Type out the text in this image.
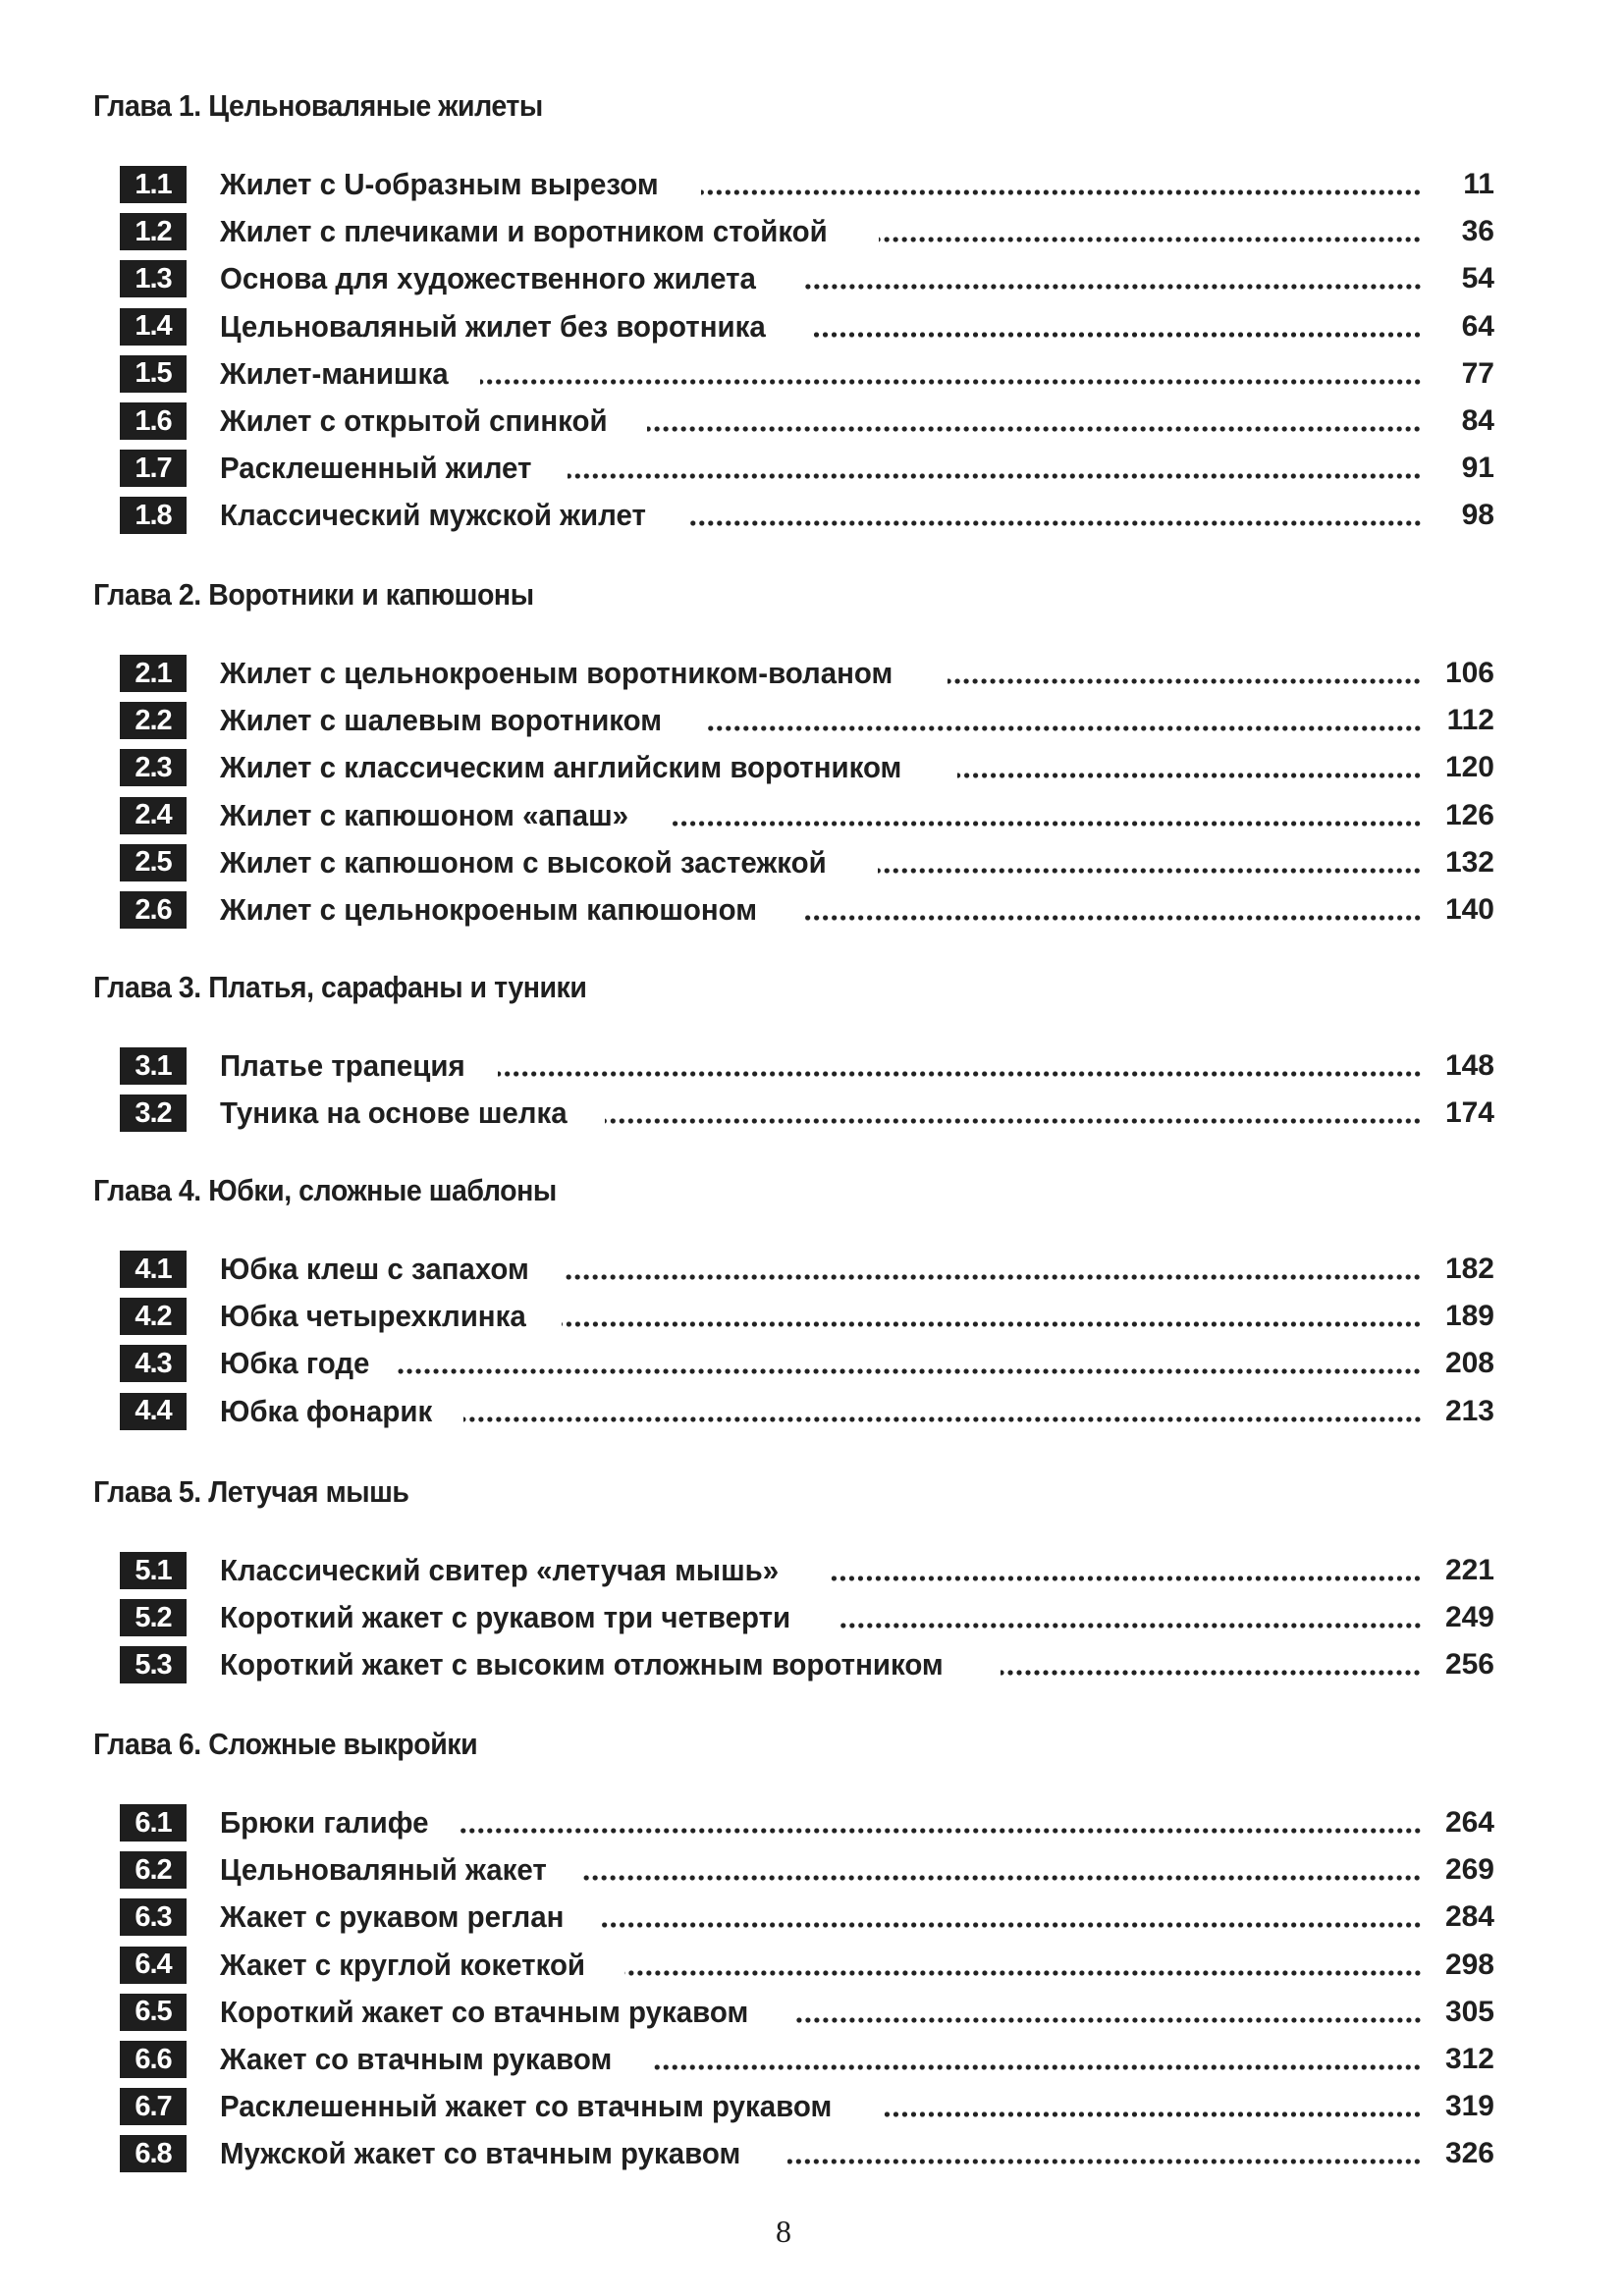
Глава 1. Цельноваляные жилеты
1.1	Жилет с U-образным вырезом	11
1.2	Жилет с плечиками и воротником стойкой	36
1.3	Основа для художественного жилета	54
1.4	Цельноваляный жилет без воротника	64
1.5	Жилет-манишка	77
1.6	Жилет с открытой спинкой	84
1.7	Расклешенный жилет	91
1.8	Классический мужской жилет	98
Глава 2. Воротники и капюшоны
2.1	Жилет с цельнокроеным воротником-воланом	106
2.2	Жилет с шалевым воротником	112
2.3	Жилет с классическим английским воротником	120
2.4	Жилет с капюшоном «апаш»	126
2.5	Жилет с капюшоном с высокой застежкой	132
2.6	Жилет с цельнокроеным капюшоном	140
Глава 3. Платья, сарафаны и туники
3.1	Платье трапеция	148
3.2	Туника на основе шелка	174
Глава 4. Юбки, сложные шаблоны
4.1	Юбка клеш с запахом	182
4.2	Юбка четырехклинка	189
4.3	Юбка годе	208
4.4	Юбка фонарик	213
Глава 5. Летучая мышь
5.1	Классический свитер «летучая мышь»	221
5.2	Короткий жакет с рукавом три четверти	249
5.3	Короткий жакет с высоким отложным воротником	256
Глава 6. Сложные выкройки
6.1	Брюки галифе	264
6.2	Цельноваляный жакет	269
6.3	Жакет с рукавом реглан	284
6.4	Жакет с круглой кокеткой	298
6.5	Короткий жакет со втачным рукавом	305
6.6	Жакет со втачным рукавом	312
6.7	Расклешенный жакет со втачным рукавом	319
6.8	Мужской жакет со втачным рукавом	326
8
